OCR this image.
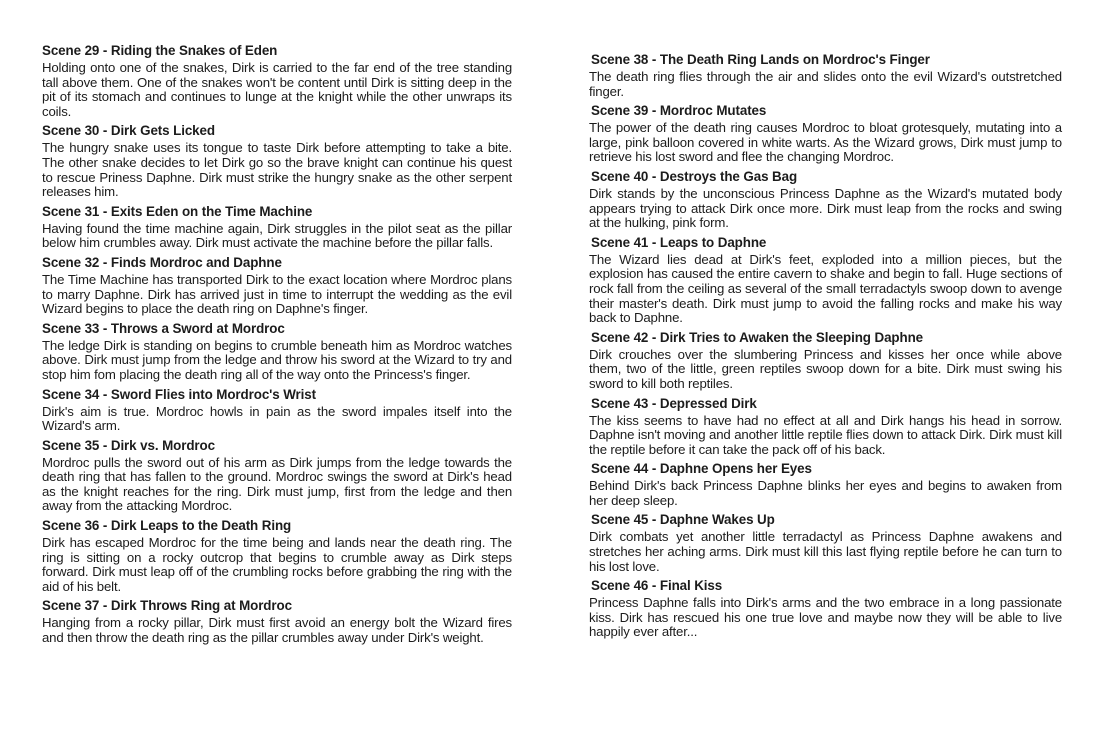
Scene 29 - Riding the Snakes of Eden
Holding onto one of the snakes, Dirk is carried to the far end of the tree standing tall above them. One of the snakes won't be content until Dirk is sitting deep in the pit of its stomach and continues to lunge at the knight while the other unwraps its coils.
Scene 30 - Dirk Gets Licked
The hungry snake uses its tongue to taste Dirk before attempting to take a bite. The other snake decides to let Dirk go so the brave knight can continue his quest to rescue Priness Daphne. Dirk must strike the hungry snake as the other serpent releases him.
Scene 31 - Exits Eden on the Time Machine
Having found the time machine again, Dirk struggles in the pilot seat as the pillar below him crumbles away. Dirk must activate the machine before the pillar falls.
Scene 32 - Finds Mordroc and Daphne
The Time Machine has transported Dirk to the exact location where Mordroc plans to marry Daphne. Dirk has arrived just in time to interrupt the wedding as the evil Wizard begins to place the death ring on Daphne's finger.
Scene 33 - Throws a Sword at Mordroc
The ledge Dirk is standing on begins to crumble beneath him as Mordroc watches above. Dirk must jump from the ledge and throw his sword at the Wizard to try and stop him fom placing the death ring all of the way onto the Princess's finger.
Scene 34 - Sword Flies into Mordroc's Wrist
Dirk's aim is true. Mordroc howls in pain as the sword impales itself into the Wizard's arm.
Scene 35 - Dirk vs. Mordroc
Mordroc pulls the sword out of his arm as Dirk jumps from the ledge towards the death ring that has fallen to the ground. Mordroc swings the sword at Dirk's head as the knight reaches for the ring. Dirk must jump, first from the ledge and then away from the attacking Mordroc.
Scene 36 - Dirk Leaps to the Death Ring
Dirk has escaped Mordroc for the time being and lands near the death ring. The ring is sitting on a rocky outcrop that begins to crumble away as Dirk steps forward. Dirk must leap off of the crumbling rocks before grabbing the ring with the aid of his belt.
Scene 37 - Dirk Throws Ring at Mordroc
Hanging from a rocky pillar, Dirk must first avoid an energy bolt the Wizard fires and then throw the death ring as the pillar crumbles away under Dirk's weight.
Scene 38 - The Death Ring Lands on Mordroc's Finger
The death ring flies through the air and slides onto the evil Wizard's outstretched finger.
Scene 39 - Mordroc Mutates
The power of the death ring causes Mordroc to bloat grotesquely, mutating into a large, pink balloon covered in white warts. As the Wizard grows, Dirk must jump to retrieve his lost sword and flee the changing Mordroc.
Scene 40 - Destroys the Gas Bag
Dirk stands by the unconscious Princess Daphne as the Wizard's mutated body appears trying to attack Dirk once more. Dirk must leap from the rocks and swing at the hulking, pink form.
Scene 41 - Leaps to Daphne
The Wizard lies dead at Dirk's feet, exploded into a million pieces, but the explosion has caused the entire cavern to shake and begin to fall. Huge sections of rock fall from the ceiling as several of the small terradactyls swoop down to avenge their master's death. Dirk must jump to avoid the falling rocks and make his way back to Daphne.
Scene 42 - Dirk Tries to Awaken the Sleeping Daphne
Dirk crouches over the slumbering Princess and kisses her once while above them, two of the little, green reptiles swoop down for a bite. Dirk must swing his sword to kill both reptiles.
Scene 43 - Depressed Dirk
The kiss seems to have had no effect at all and Dirk hangs his head in sorrow. Daphne isn't moving and another little reptile flies down to attack Dirk. Dirk must kill the reptile before it can take the pack off of his back.
Scene 44 - Daphne Opens her Eyes
Behind Dirk's back Princess Daphne blinks her eyes and begins to awaken from her deep sleep.
Scene 45 - Daphne Wakes Up
Dirk combats yet another little terradactyl as Princess Daphne awakens and stretches her aching arms. Dirk must kill this last flying reptile before he can turn to his lost love.
Scene 46 - Final Kiss
Princess Daphne falls into Dirk's arms and the two embrace in a long passionate kiss. Dirk has rescued his one true love and maybe now they will be able to live happily ever after...
